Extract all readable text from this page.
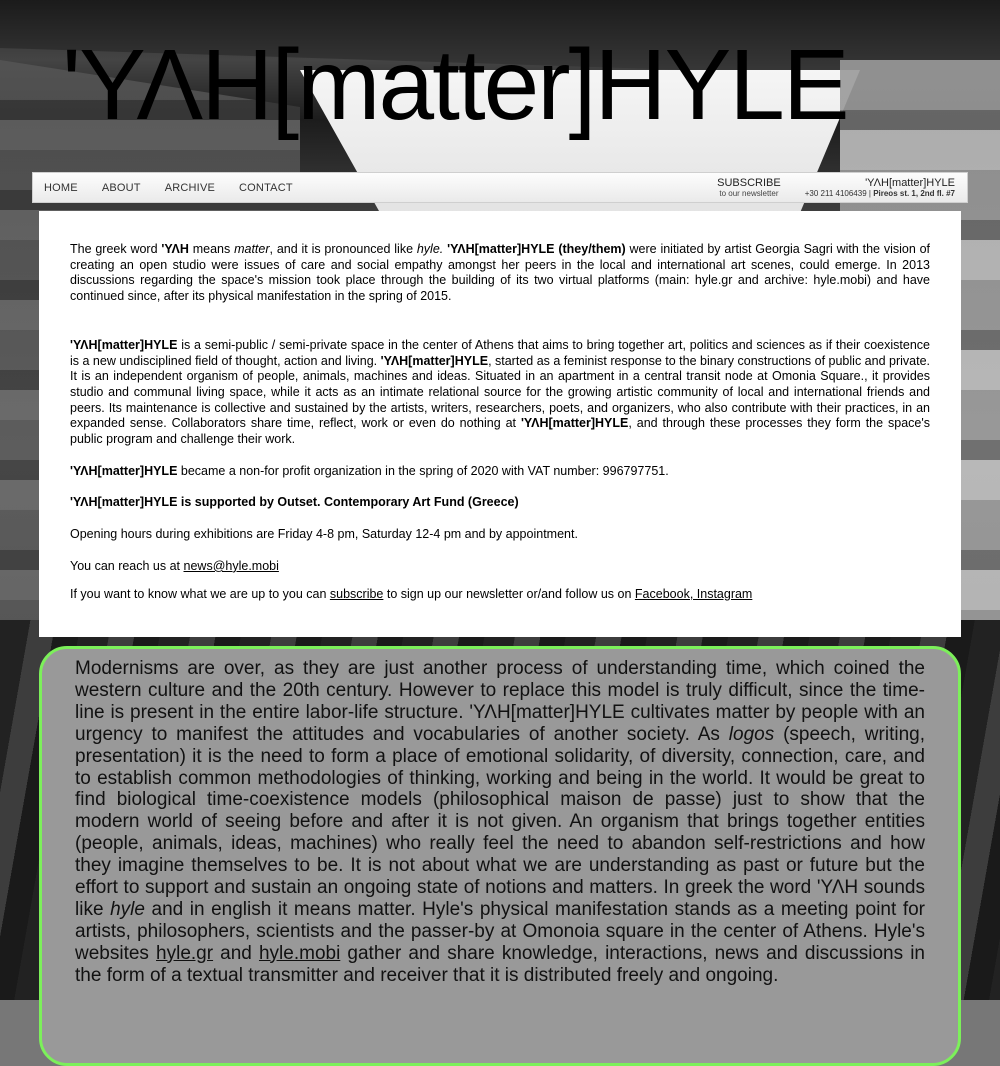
'ΥΛΗ[matter]HYLE
HOME ABOUT ARCHIVE CONTACT	SUBSCRIBE
to our newsletter
'ΥΛΗ[matter]HYLE
+30 211 4106439 | Pireos st. 1, 2nd fl. #7

The greek word 'ΥΛΗ means matter, and it is pronounced like hyle. 'ΥΛΗ[matter]HYLE (they/them) were initiated by artist Georgia Sagri with the vision of creating an open studio were issues of care and social empathy amongst her peers in the local and international art scenes, could emerge. In 2013 discussions regarding the space's mission took place through the building of its two virtual platforms (main: hyle.gr and archive: hyle.mobi) and have continued since, after its physical manifestation in the spring of 2015.

'ΥΛΗ[matter]HYLE is a semi-public / semi-private space in the center of Athens that aims to bring together art, politics and sciences as if their coexistence is a new undisciplined field of thought, action and living. 'ΥΛΗ[matter]HYLE, started as a feminist response to the binary constructions of public and private. It is an independent organism of people, animals, machines and ideas. Situated in an apartment in a central transit node at Omonia Square., it provides studio and communal living space, while it acts as an intimate relational source for the growing artistic community of local and international friends and peers. Its maintenance is collective and sustained by the artists, writers, researchers, poets, and organizers, who also contribute with their practices, in an expanded sense. Collaborators share time, reflect, work or even do nothing at 'ΥΛΗ[matter]HYLE, and through these processes they form the space's public program and challenge their work.

'ΥΛΗ[matter]HYLE became a non-for profit organization in the spring of 2020 with VAT number: 996797751.

'ΥΛΗ[matter]HYLE is supported by Outset. Contemporary Art Fund (Greece)

Opening hours during exhibitions are Friday 4-8 pm, Saturday 12-4 pm and by appointment.

You can reach us at news@hyle.mobi

If you want to know what we are up to you can subscribe to sign up our newsletter or/and follow us on Facebook, Instagram

Modernisms are over, as they are just another process of understanding time, which coined the western culture and the 20th century. However to replace this model is truly difficult, since the time-line is present in the entire labor-life structure. 'ΥΛΗ[matter]HYLE cultivates matter by people with an urgency to manifest the attitudes and vocabularies of another society. As logos (speech, writing, presentation) it is the need to form a place of emotional solidarity, of diversity, connection, care, and to establish common methodologies of thinking, working and being in the world. It would be great to find biological time-coexistence models (philosophical maison de passe) just to show that the modern world of seeing before and after it is not given. An organism that brings together entities (people, animals, ideas, machines) who really feel the need to abandon self-restrictions and how they imagine themselves to be. It is not about what we are understanding as past or future but the effort to support and sustain an ongoing state of notions and matters. In greek the word 'ΥΛΗ sounds like hyle and in english it means matter. Hyle's physical manifestation stands as a meeting point for artists, philosophers, scientists and the passer-by at Omonoia square in the center of Athens. Hyle's websites hyle.gr and hyle.mobi gather and share knowledge, interactions, news and discussions in the form of a textual transmitter and receiver that it is distributed freely and ongoing.
